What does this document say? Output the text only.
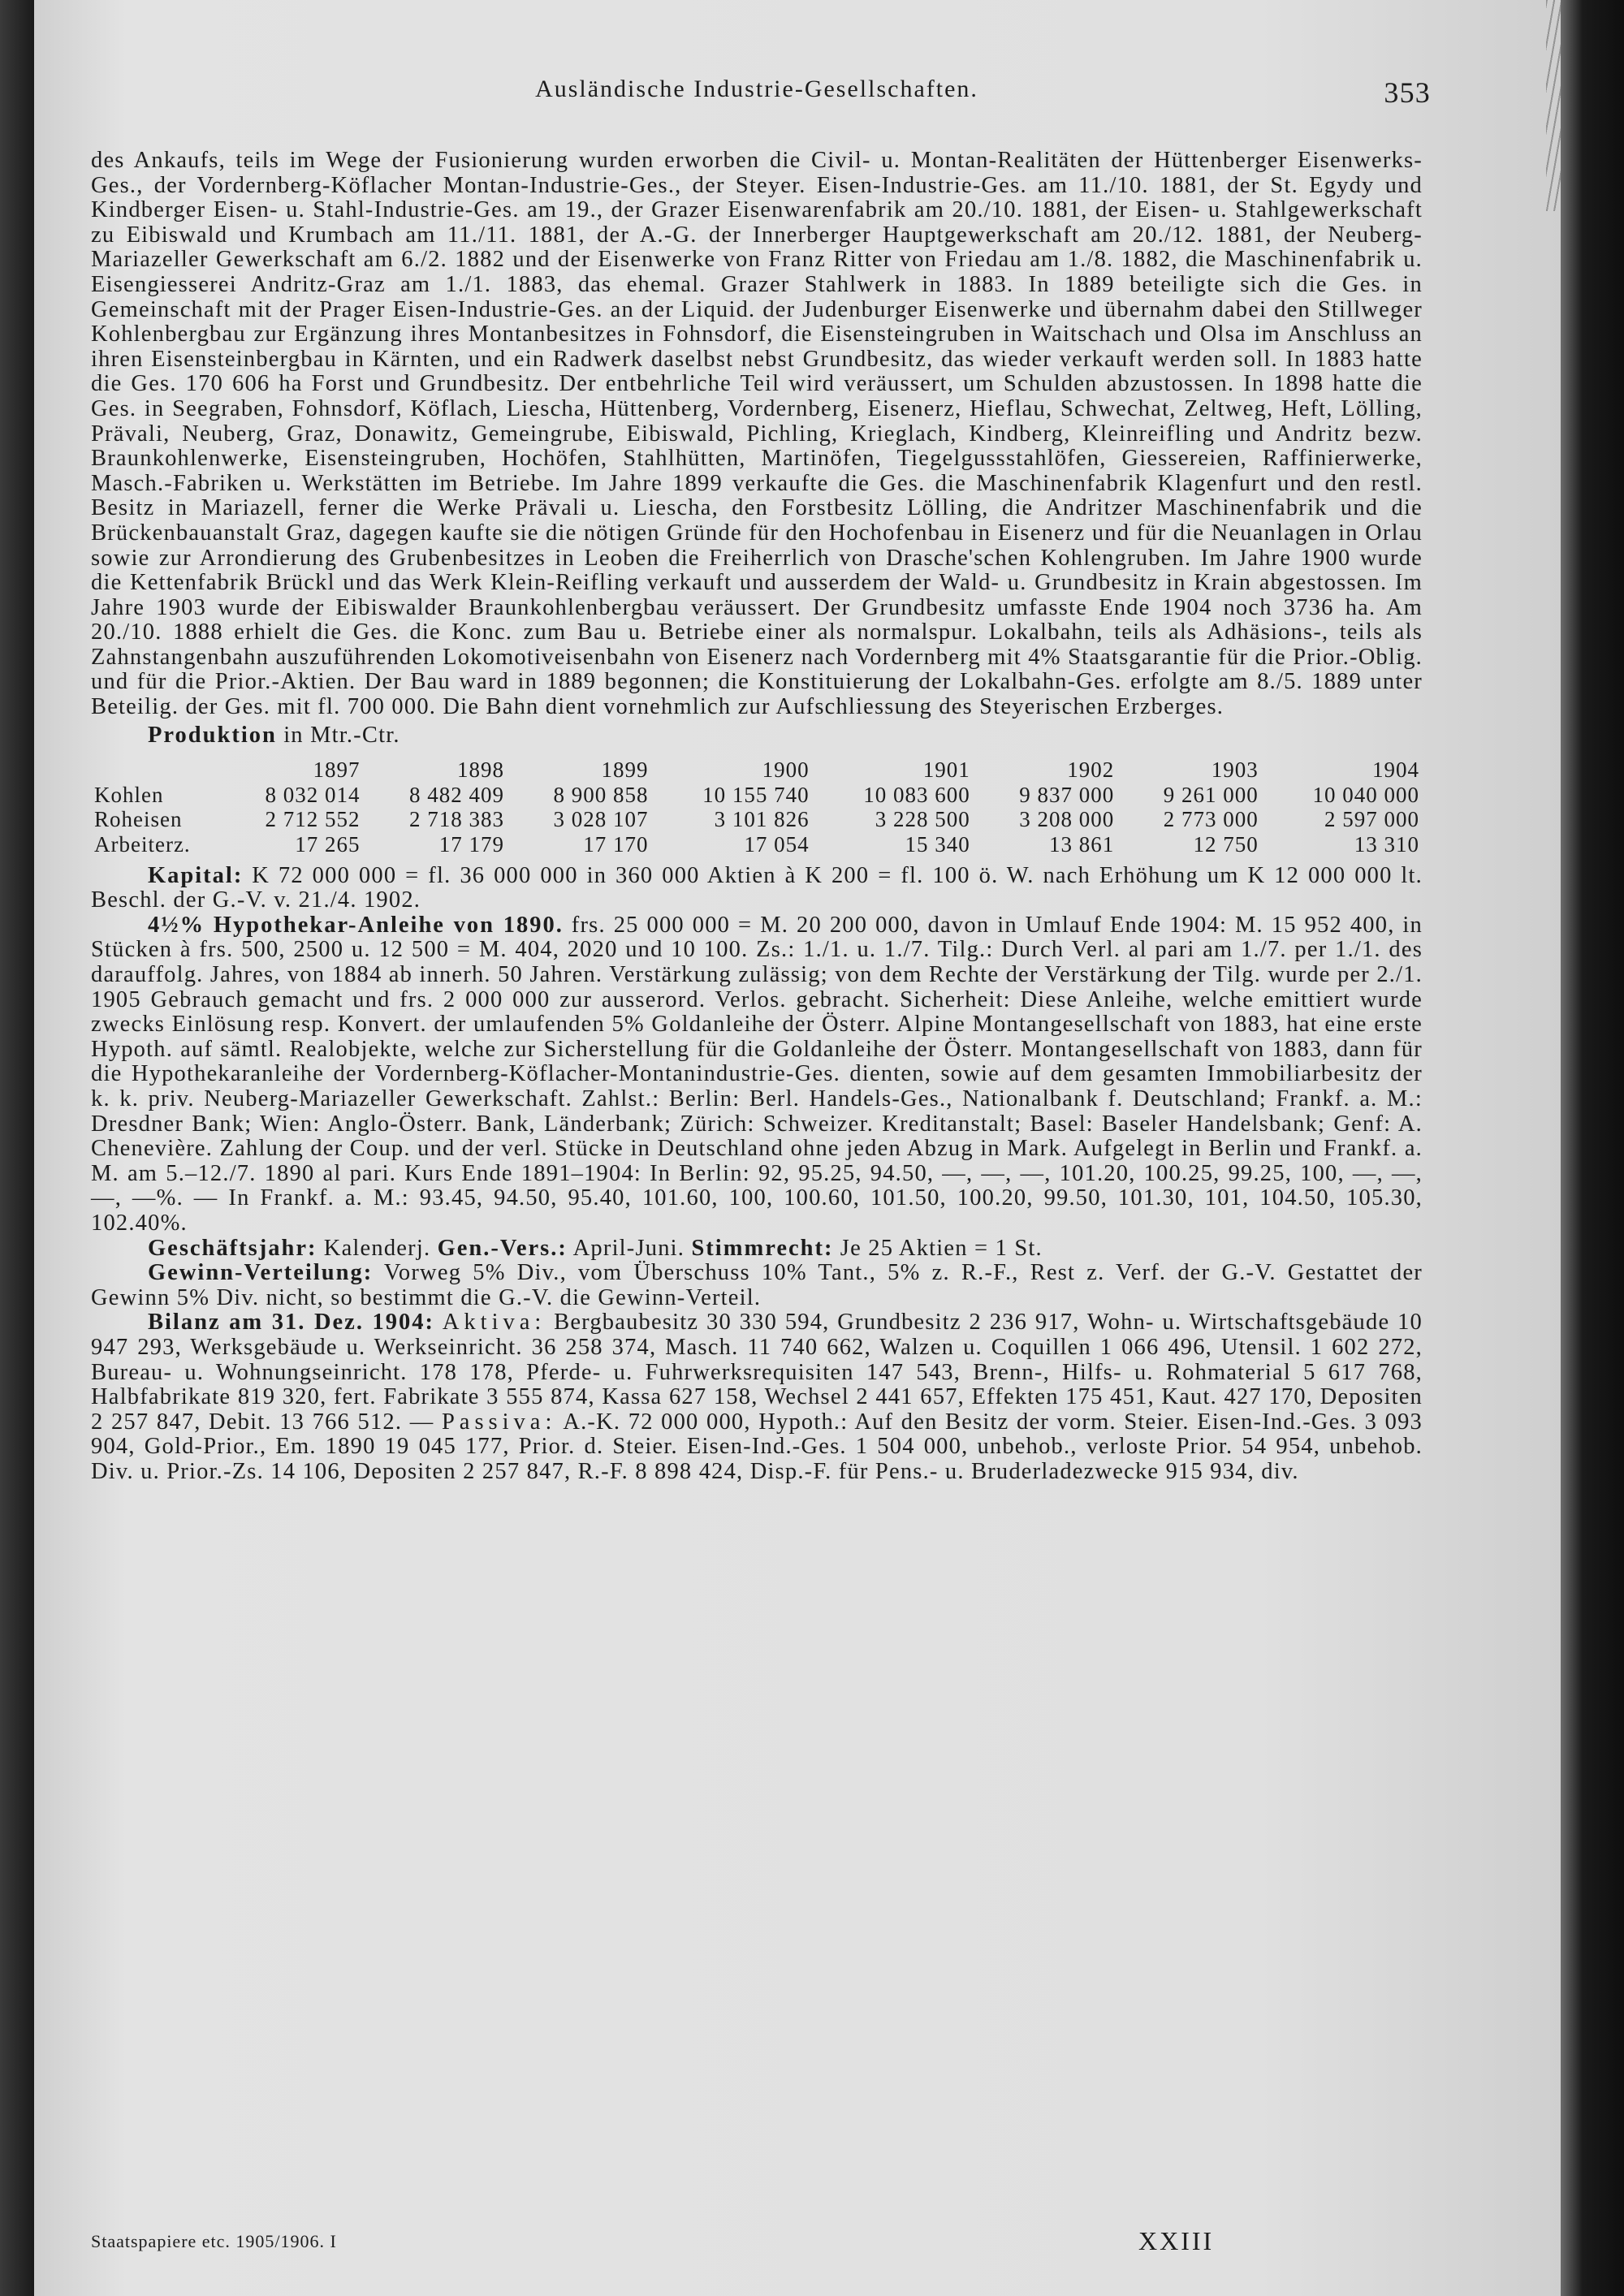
Ausländische Industrie-Gesellschaften.	353

des Ankaufs, teils im Wege der Fusionierung wurden erworben die Civil- u. Montan-Realitäten der Hüttenberger Eisenwerks-Ges., der Vordernberg-Köflacher Montan-Industrie-Ges., der Steyer. Eisen-Industrie-Ges. am 11./10. 1881, der St. Egydy und Kindberger Eisen- u. Stahl-Industrie-Ges. am 19., der Grazer Eisenwarenfabrik am 20./10. 1881, der Eisen- u. Stahlgewerkschaft zu Eibiswald und Krumbach am 11./11. 1881, der A.-G. der Innerberger Hauptgewerkschaft am 20./12. 1881, der Neuberg-Mariazeller Gewerkschaft am 6./2. 1882 und der Eisenwerke von Franz Ritter von Friedau am 1./8. 1882, die Maschinenfabrik u. Eisengiesserei Andritz-Graz am 1./1. 1883, das ehemal. Grazer Stahlwerk in 1883. In 1889 beteiligte sich die Ges. in Gemeinschaft mit der Prager Eisen-Industrie-Ges. an der Liquid. der Judenburger Eisenwerke und übernahm dabei den Stillweger Kohlenbergbau zur Ergänzung ihres Montanbesitzes in Fohnsdorf, die Eisensteingruben in Waitschach und Olsa im Anschluss an ihren Eisensteinbergbau in Kärnten, und ein Radwerk daselbst nebst Grundbesitz, das wieder verkauft werden soll. In 1883 hatte die Ges. 170 606 ha Forst und Grundbesitz. Der entbehrliche Teil wird veräussert, um Schulden abzustossen. In 1898 hatte die Ges. in Seegraben, Fohnsdorf, Köflach, Liescha, Hüttenberg, Vordernberg, Eisenerz, Hieflau, Schwechat, Zeltweg, Heft, Lölling, Prävali, Neuberg, Graz, Donawitz, Gemeingrube, Eibiswald, Pichling, Krieglach, Kindberg, Kleinreifling und Andritz bezw. Braunkohlenwerke, Eisensteingruben, Hochöfen, Stahlhütten, Martinöfen, Tiegelgussstahlöfen, Giessereien, Raffinierwerke, Masch.-Fabriken u. Werkstätten im Betriebe. Im Jahre 1899 verkaufte die Ges. die Maschinenfabrik Klagenfurt und den restl. Besitz in Mariazell, ferner die Werke Prävali u. Liescha, den Forstbesitz Lölling, die Andritzer Maschinenfabrik und die Brückenbauanstalt Graz, dagegen kaufte sie die nötigen Gründe für den Hochofenbau in Eisenerz und für die Neuanlagen in Orlau sowie zur Arrondierung des Grubenbesitzes in Leoben die Freiherrlich von Drasche'schen Kohlengruben. Im Jahre 1900 wurde die Kettenfabrik Brückl und das Werk Klein-Reifling verkauft und ausserdem der Wald- u. Grundbesitz in Krain abgestossen. Im Jahre 1903 wurde der Eibiswalder Braunkohlenbergbau veräussert. Der Grundbesitz umfasste Ende 1904 noch 3736 ha. Am 20./10. 1888 erhielt die Ges. die Konc. zum Bau u. Betriebe einer als normalspur. Lokalbahn, teils als Adhäsions-, teils als Zahnstangenbahn auszuführenden Lokomotiveisenbahn von Eisenerz nach Vordernberg mit 4% Staatsgarantie für die Prior.-Oblig. und für die Prior.-Aktien. Der Bau ward in 1889 begonnen; die Konstituierung der Lokalbahn-Ges. erfolgte am 8./5. 1889 unter Beteilig. der Ges. mit fl. 700 000. Die Bahn dient vornehmlich zur Aufschliessung des Steyerischen Erzberges.

Produktion in Mtr.-Ctr.

	1897	1898	1899	1900	1901	1902	1903	1904
Kohlen	8 032 014	8 482 409	8 900 858	10 155 740	10 083 600	9 837 000	9 261 000	10 040 000
Roheisen	2 712 552	2 718 383	3 028 107	3 101 826	3 228 500	3 208 000	2 773 000	2 597 000
Arbeiterz.	17 265	17 179	17 170	17 054	15 340	13 861	12 750	13 310

Kapital: K 72 000 000 = fl. 36 000 000 in 360 000 Aktien à K 200 = fl. 100 ö. W. nach Erhöhung um K 12 000 000 lt. Beschl. der G.-V. v. 21./4. 1902.

4½% Hypothekar-Anleihe von 1890. frs. 25 000 000 = M. 20 200 000, davon in Umlauf Ende 1904: M. 15 952 400, in Stücken à frs. 500, 2500 u. 12 500 = M. 404, 2020 und 10 100. Zs.: 1./1. u. 1./7. Tilg.: Durch Verl. al pari am 1./7. per 1./1. des darauffolg. Jahres, von 1884 ab innerh. 50 Jahren. Verstärkung zulässig; von dem Rechte der Verstärkung der Tilg. wurde per 2./1. 1905 Gebrauch gemacht und frs. 2 000 000 zur ausserord. Verlos. gebracht. Sicherheit: Diese Anleihe, welche emittiert wurde zwecks Einlösung resp. Konvert. der umlaufenden 5% Goldanleihe der Österr. Alpine Montangesellschaft von 1883, hat eine erste Hypoth. auf sämtl. Realobjekte, welche zur Sicherstellung für die Goldanleihe der Österr. Montangesellschaft von 1883, dann für die Hypothekaranleihe der Vordernberg-Köflacher-Montanindustrie-Ges. dienten, sowie auf dem gesamten Immobiliarbesitz der k. k. priv. Neuberg-Mariazeller Gewerkschaft. Zahlst.: Berlin: Berl. Handels-Ges., Nationalbank f. Deutschland; Frankf. a. M.: Dresdner Bank; Wien: Anglo-Österr. Bank, Länderbank; Zürich: Schweizer. Kreditanstalt; Basel: Baseler Handelsbank; Genf: A. Chenevière. Zahlung der Coup. und der verl. Stücke in Deutschland ohne jeden Abzug in Mark. Aufgelegt in Berlin und Frankf. a. M. am 5.–12./7. 1890 al pari. Kurs Ende 1891–1904: In Berlin: 92, 95.25, 94.50, —, —, —, 101.20, 100.25, 99.25, 100, —, —, —, —%. — In Frankf. a. M.: 93.45, 94.50, 95.40, 101.60, 100, 100.60, 101.50, 100.20, 99.50, 101.30, 101, 104.50, 105.30, 102.40%.

Geschäftsjahr: Kalenderj. Gen.-Vers.: April-Juni. Stimmrecht: Je 25 Aktien = 1 St.

Gewinn-Verteilung: Vorweg 5% Div., vom Überschuss 10% Tant., 5% z. R.-F., Rest z. Verf. der G.-V. Gestattet der Gewinn 5% Div. nicht, so bestimmt die G.-V. die Gewinn-Verteil.

Bilanz am 31. Dez. 1904: Aktiva: Bergbaubesitz 30 330 594, Grundbesitz 2 236 917, Wohn- u. Wirtschaftsgebäude 10 947 293, Werksgebäude u. Werkseinricht. 36 258 374, Masch. 11 740 662, Walzen u. Coquillen 1 066 496, Utensil. 1 602 272, Bureau- u. Wohnungseinricht. 178 178, Pferde- u. Fuhrwerksrequisiten 147 543, Brenn-, Hilfs- u. Rohmaterial 5 617 768, Halbfabrikate 819 320, fert. Fabrikate 3 555 874, Kassa 627 158, Wechsel 2 441 657, Effekten 175 451, Kaut. 427 170, Depositen 2 257 847, Debit. 13 766 512. — Passiva: A.-K. 72 000 000, Hypoth.: Auf den Besitz der vorm. Steier. Eisen-Ind.-Ges. 3 093 904, Gold-Prior., Em. 1890 19 045 177, Prior. d. Steier. Eisen-Ind.-Ges. 1 504 000, unbehob., verloste Prior. 54 954, unbehob. Div. u. Prior.-Zs. 14 106, Depositen 2 257 847, R.-F. 8 898 424, Disp.-F. für Pens.- u. Bruderladezwecke 915 934, div.

Staatspapiere etc. 1905/1906. I	XXIII
